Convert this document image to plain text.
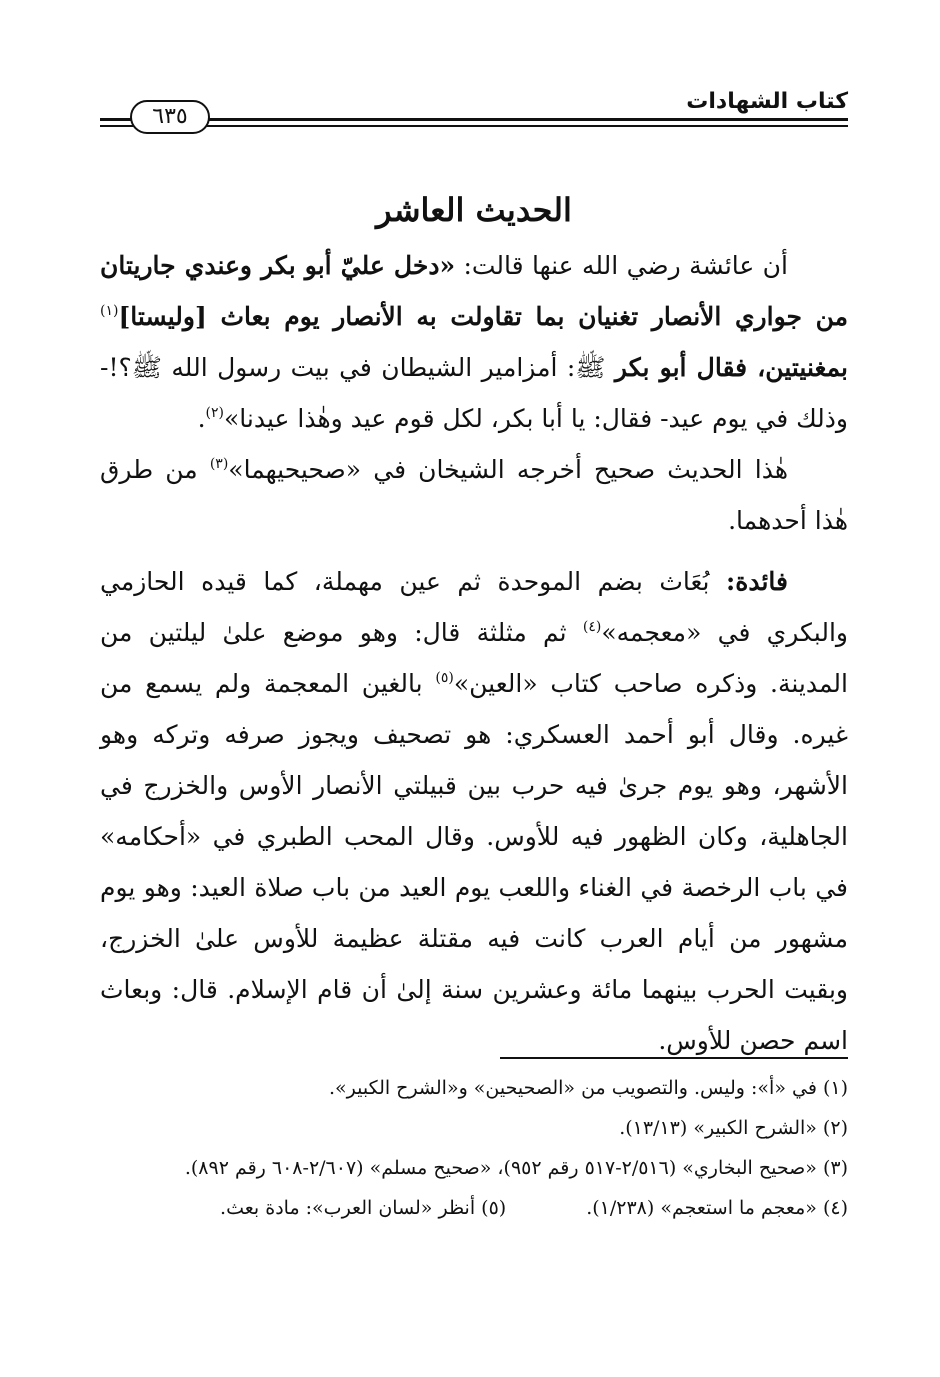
كتاب الشهادات
٦٣٥
الحديث العاشر

أن عائشة رضي الله عنها قالت: «دخل عليّ أبو بكر وعندي جاريتان من جواري الأنصار تغنيان بما تقاولت به الأنصار يوم بعاث [وليستا]$^{(١)}$ بمغنيتين، فقال أبو بكر ﷺ: أمزامير الشيطان في بيت رسول الله ﷺ؟!- وذلك في يوم عيد- فقال: يا أبا بكر، لكل قوم عيد وهٰذا عيدنا»$^{(٢)}$.

هٰذا الحديث صحيح أخرجه الشيخان في «صحيحيهما»$^{(٣)}$ من طرق هٰذا أحدهما.

فائدة: بُعَاث بضم الموحدة ثم عين مهملة، كما قيده الحازمي والبكري في «معجمه»$^{(٤)}$ ثم مثلثة قال: وهو موضع علىٰ ليلتين من المدينة. وذكره صاحب كتاب «العين»$^{(٥)}$ بالغين المعجمة ولم يسمع من غيره. وقال أبو أحمد العسكري: هو تصحيف ويجوز صرفه وتركه وهو الأشهر، وهو يوم جرىٰ فيه حرب بين قبيلتي الأنصار الأوس والخزرج في الجاهلية، وكان الظهور فيه للأوس. وقال المحب الطبري في «أحكامه» في باب الرخصة في الغناء واللعب يوم العيد من باب صلاة العيد: وهو يوم مشهور من أيام العرب كانت فيه مقتلة عظيمة للأوس علىٰ الخزرج، وبقيت الحرب بينهما مائة وعشرين سنة إلىٰ أن قام الإسلام. قال: وبعاث اسم حصن للأوس.

(١) في «أ»: وليس. والتصويب من «الصحيحين» و«الشرح الكبير».

(٢) «الشرح الكبير» (١٣/١٣).

(٣) «صحيح البخاري» (٢/٥١٦-٥١٧ رقم ٩٥٢)، «صحيح مسلم» (٢/٦٠٧-٦٠٨ رقم ٨٩٢).

(٤) «معجم ما استعجم» (١/٢٣٨).
(٥) أنظر «لسان العرب»: مادة بعث.
